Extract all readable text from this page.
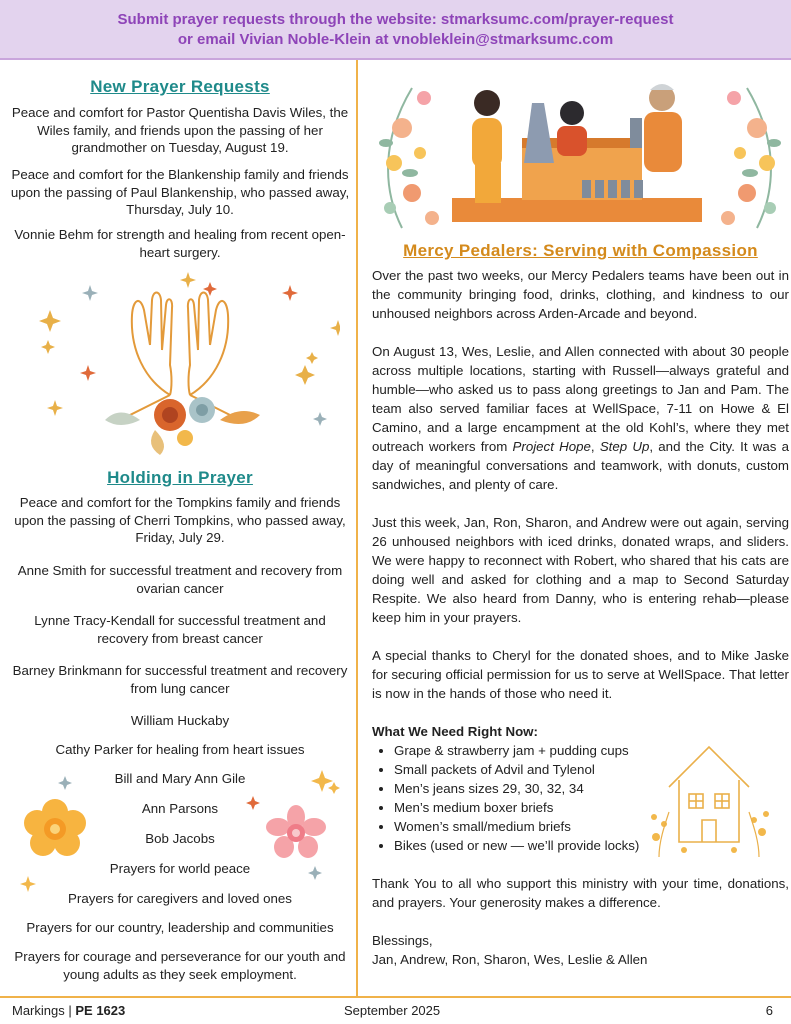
Submit prayer requests through the website: stmarksumc.com/prayer-request
or email Vivian Noble-Klein at vnobleklein@stmarksumc.com
New Prayer Requests

Peace and comfort for Pastor Quentisha Davis Wiles, the Wiles family, and friends upon the passing of her grandmother on Tuesday, August 19.

Peace and comfort for the Blankenship family and friends upon the passing of Paul Blankenship, who passed away, Thursday, July 10.

Vonnie Behm for strength and healing from recent open-heart surgery.

Holding in Prayer

Peace and comfort for the Tompkins family and friends upon the passing of Cherri Tompkins, who passed away, Friday, July 29.

Anne Smith for successful treatment and recovery from ovarian cancer

Lynne Tracy-Kendall for successful treatment and recovery from breast cancer

Barney Brinkmann for successful treatment and recovery from lung cancer

William Huckaby

Cathy Parker for healing from heart issues

Bill and Mary Ann Gile

Ann Parsons

Bob Jacobs

Prayers for world peace

Prayers for caregivers and loved ones

Prayers for our country, leadership and communities

Prayers for courage and perseverance for our youth and young adults as they seek employment.

Mercy Pedalers: Serving with Compassion

Over the past two weeks, our Mercy Pedalers teams have been out in the community bringing food, drinks, clothing, and kindness to our unhoused neighbors across Arden-Arcade and beyond.

On August 13, Wes, Leslie, and Allen connected with about 30 people across multiple locations, starting with Russell—always grateful and humble—who asked us to pass along greetings to Jan and Pam. The team also served familiar faces at WellSpace, 7-11 on Howe & El Camino, and a large encampment at the old Kohl’s, where they met outreach workers from Project Hope, Step Up, and the City. It was a day of meaningful conversations and teamwork, with donuts, custom sandwiches, and plenty of care.

Just this week, Jan, Ron, Sharon, and Andrew were out again, serving 26 unhoused neighbors with iced drinks, donated wraps, and sliders. We were happy to reconnect with Robert, who shared that his cats are doing well and asked for clothing and a map to Second Saturday Respite. We also heard from Danny, who is entering rehab—please keep him in your prayers.

A special thanks to Cheryl for the donated shoes, and to Mike Jaske for securing official permission for us to serve at WellSpace. That letter is now in the hands of those who need it.

What We Need Right Now:

• Grape & strawberry jam + pudding cups
• Small packets of Advil and Tylenol
• Men’s jeans sizes 29, 30, 32, 34
• Men’s medium boxer briefs
• Women’s small/medium briefs
• Bikes (used or new — we’ll provide locks)

Thank You to all who support this ministry with your time, donations, and prayers. Your generosity makes a difference.

Blessings,

Jan, Andrew, Ron, Sharon, Wes, Leslie & Allen

Markings | PE 1623	September 2025	6
